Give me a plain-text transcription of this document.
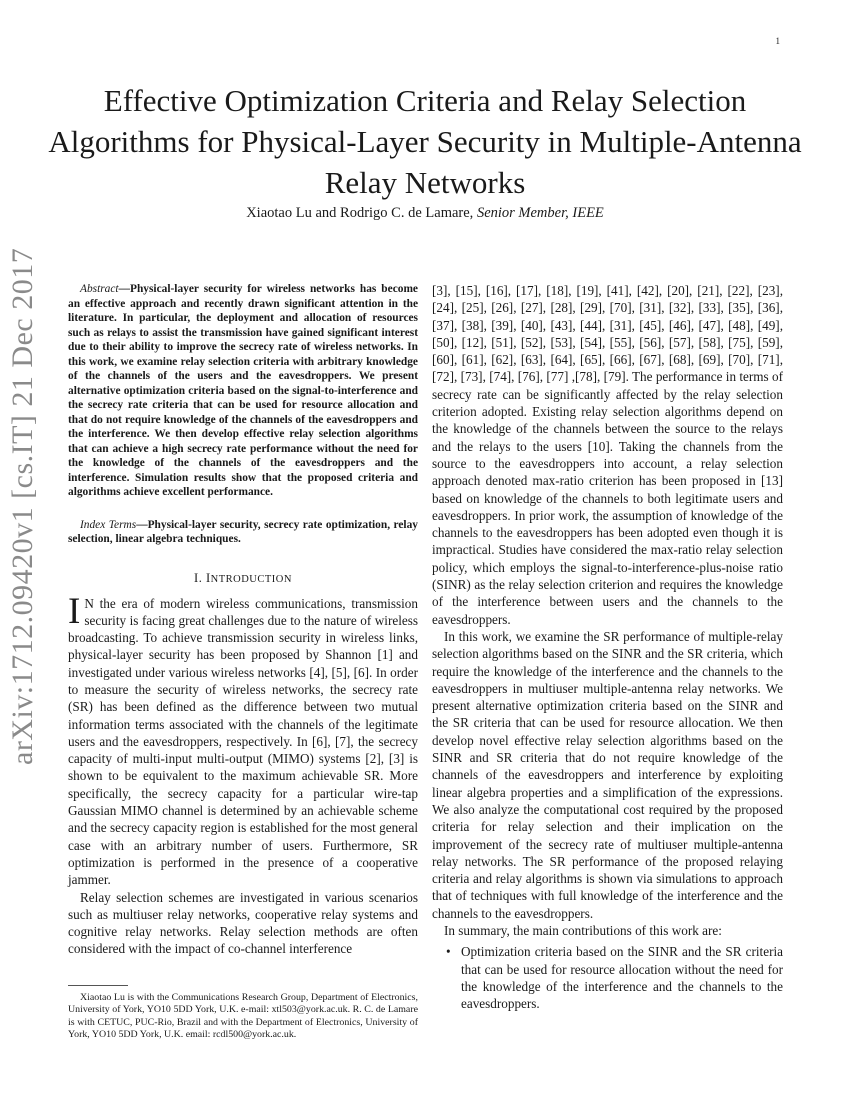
1
arXiv:1712.09420v1 [cs.IT] 21 Dec 2017
Effective Optimization Criteria and Relay Selection Algorithms for Physical-Layer Security in Multiple-Antenna Relay Networks
Xiaotao Lu and Rodrigo C. de Lamare, Senior Member, IEEE

Abstract—Physical-layer security for wireless networks has become an effective approach and recently drawn significant attention in the literature. In particular, the deployment and allocation of resources such as relays to assist the transmission have gained significant interest due to their ability to improve the secrecy rate of wireless networks. In this work, we examine relay selection criteria with arbitrary knowledge of the channels of the users and the eavesdroppers. We present alternative optimization criteria based on the signal-to-interference and the secrecy rate criteria that can be used for resource allocation and that do not require knowledge of the channels of the eavesdroppers and the interference. We then develop effective relay selection algorithms that can achieve a high secrecy rate performance without the need for the knowledge of the channels of the eavesdroppers and the interference. Simulation results show that the proposed criteria and algorithms achieve excellent performance.

Index Terms—Physical-layer security, secrecy rate optimization, relay selection, linear algebra techniques.

I. INTRODUCTION

I N the era of modern wireless communications, transmission security is facing great challenges due to the nature of wireless broadcasting. To achieve transmission security in wireless links, physical-layer security has been proposed by Shannon [1] and investigated under various wireless networks [4], [5], [6]. In order to measure the security of wireless networks, the secrecy rate (SR) has been defined as the difference between two mutual information terms associated with the channels of the legitimate users and the eavesdroppers, respectively. In [6], [7], the secrecy capacity of multi-input multi-output (MIMO) systems [2], [3] is shown to be equivalent to the maximum achievable SR. More specifically, the secrecy capacity for a particular wire-tap Gaussian MIMO channel is determined by an achievable scheme and the secrecy capacity region is established for the most general case with an arbitrary number of users. Furthermore, SR optimization is performed in the presence of a cooperative jammer.

Relay selection schemes are investigated in various scenarios such as multiuser relay networks, cooperative relay systems and cognitive relay networks. Relay selection methods are often considered with the impact of co-channel interference

Xiaotao Lu is with the Communications Research Group, Department of Electronics, University of York, YO10 5DD York, U.K. e-mail: xtl503@york.ac.uk. R. C. de Lamare is with CETUC, PUC-Rio, Brazil and with the Department of Electronics, University of York, YO10 5DD York, U.K. email: rcdl500@york.ac.uk.

[3], [15], [16], [17], [18], [19], [41], [42], [20], [21], [22], [23], [24], [25], [26], [27], [28], [29], [70], [31], [32], [33], [35], [36], [37], [38], [39], [40], [43], [44], [31], [45], [46], [47], [48], [49], [50], [12], [51], [52], [53], [54], [55], [56], [57], [58], [75], [59], [60], [61], [62], [63], [64], [65], [66], [67], [68], [69], [70], [71], [72], [73], [74], [76], [77] ,[78], [79]. The performance in terms of secrecy rate can be significantly affected by the relay selection criterion adopted. Existing relay selection algorithms depend on the knowledge of the channels between the source to the relays and the relays to the users [10]. Taking the channels from the source to the eavesdroppers into account, a relay selection approach denoted max-ratio criterion has been proposed in [13] based on knowledge of the channels to both legitimate users and eavesdroppers. In prior work, the assumption of knowledge of the channels to the eavesdroppers has been adopted even though it is impractical. Studies have considered the max-ratio relay selection policy, which employs the signal-to-interference-plus-noise ratio (SINR) as the relay selection criterion and requires the knowledge of the interference between users and the channels to the eavesdroppers.

In this work, we examine the SR performance of multiple-relay selection algorithms based on the SINR and the SR criteria, which require the knowledge of the interference and the channels to the eavesdroppers in multiuser multiple-antenna relay networks. We present alternative optimization criteria based on the SINR and the SR criteria that can be used for resource allocation. We then develop novel effective relay selection algorithms based on the SINR and SR criteria that do not require knowledge of the channels of the eavesdroppers and interference by exploiting linear algebra properties and a simplification of the expressions. We also analyze the computational cost required by the proposed criteria for relay selection and their implication on the improvement of the secrecy rate of multiuser multiple-antenna relay networks. The SR performance of the proposed relaying criteria and relay algorithms is shown via simulations to approach that of techniques with full knowledge of the interference and the channels to the eavesdroppers.

In summary, the main contributions of this work are:

• Optimization criteria based on the SINR and the SR criteria that can be used for resource allocation without the need for the knowledge of the interference and the channels to the eavesdroppers.
